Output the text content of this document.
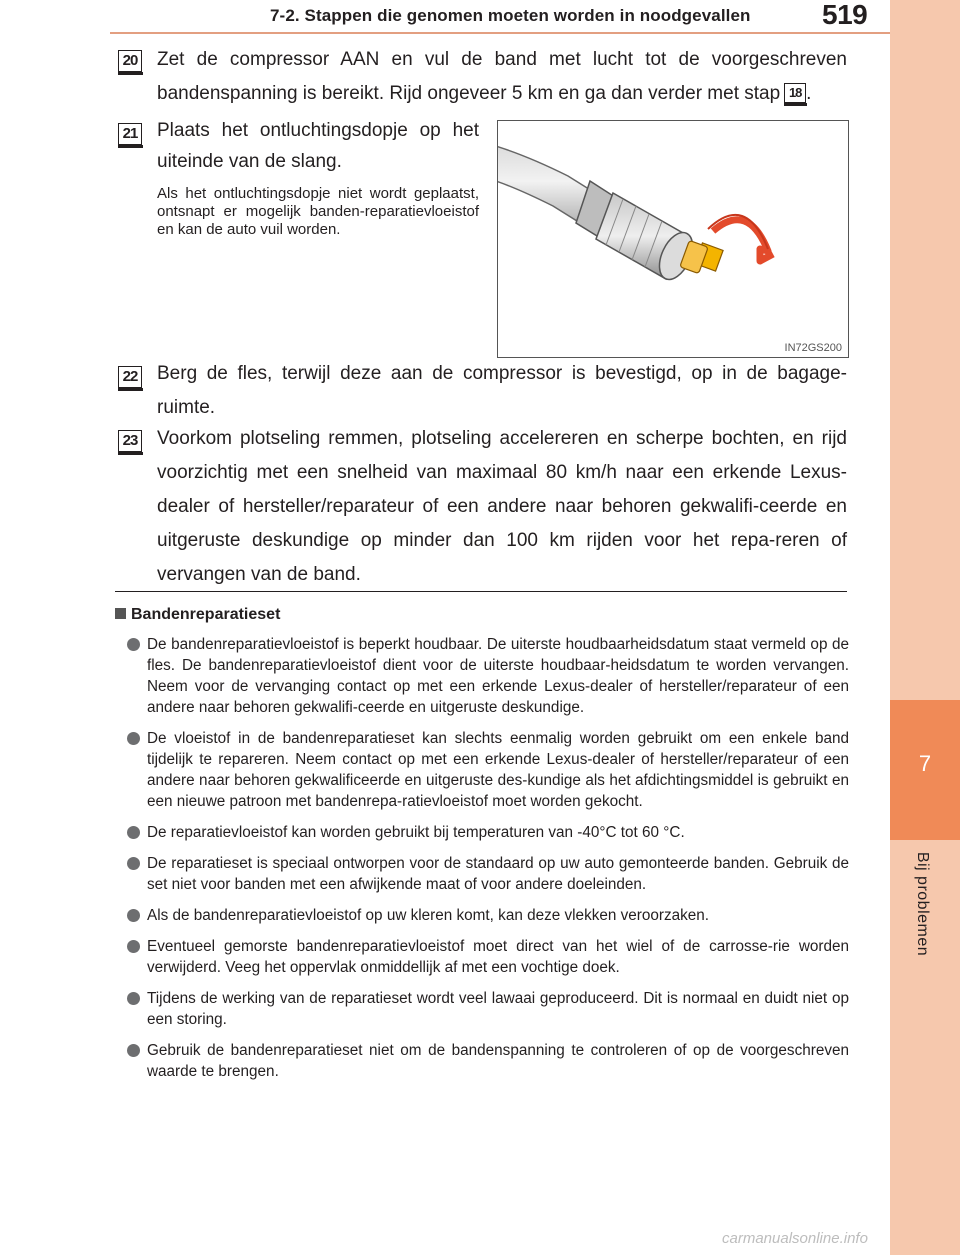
7-2. Stappen die genomen moeten worden in noodgevallen	519
7
Bij problemen
20 Zet de compressor AAN en vul de band met lucht tot de voorgeschreven bandenspanning is bereikt. Rijd ongeveer 5 km en ga dan verder met stap 18 .
21 Plaats het ontluchtingsdopje op het uiteinde van de slang.
Als het ontluchtingsdopje niet wordt geplaatst, ontsnapt er mogelijk banden-reparatievloeistof en kan de auto vuil worden.
IN72GS200
22 Berg de fles, terwijl deze aan de compressor is bevestigd, op in de bagage-ruimte.
23 Voorkom plotseling remmen, plotseling accelereren en scherpe bochten, en rijd voorzichtig met een snelheid van maximaal 80 km/h naar een erkende Lexus-dealer of hersteller/reparateur of een andere naar behoren gekwalifi-ceerde en uitgeruste deskundige op minder dan 100 km rijden voor het repa-reren of vervangen van de band.
Bandenreparatieset
De bandenreparatievloeistof is beperkt houdbaar. De uiterste houdbaarheidsdatum staat vermeld op de fles. De bandenreparatievloeistof dient voor de uiterste houdbaar-heidsdatum te worden vervangen. Neem voor de vervanging contact op met een erkende Lexus-dealer of hersteller/reparateur of een andere naar behoren gekwalifi-ceerde en uitgeruste deskundige.
De vloeistof in de bandenreparatieset kan slechts eenmalig worden gebruikt om een enkele band tijdelijk te repareren. Neem contact op met een erkende Lexus-dealer of hersteller/reparateur of een andere naar behoren gekwalificeerde en uitgeruste des-kundige als het afdichtingsmiddel is gebruikt en een nieuwe patroon met bandenrepa-ratievloeistof moet worden gekocht.
De reparatievloeistof kan worden gebruikt bij temperaturen van -40°C tot 60 °C.
De reparatieset is speciaal ontworpen voor de standaard op uw auto gemonteerde banden. Gebruik de set niet voor banden met een afwijkende maat of voor andere doeleinden.
Als de bandenreparatievloeistof op uw kleren komt, kan deze vlekken veroorzaken.
Eventueel gemorste bandenreparatievloeistof moet direct van het wiel of de carrosse-rie worden verwijderd. Veeg het oppervlak onmiddellijk af met een vochtige doek.
Tijdens de werking van de reparatieset wordt veel lawaai geproduceerd. Dit is normaal en duidt niet op een storing.
Gebruik de bandenreparatieset niet om de bandenspanning te controleren of op de voorgeschreven waarde te brengen.
carmanualsonline.info
